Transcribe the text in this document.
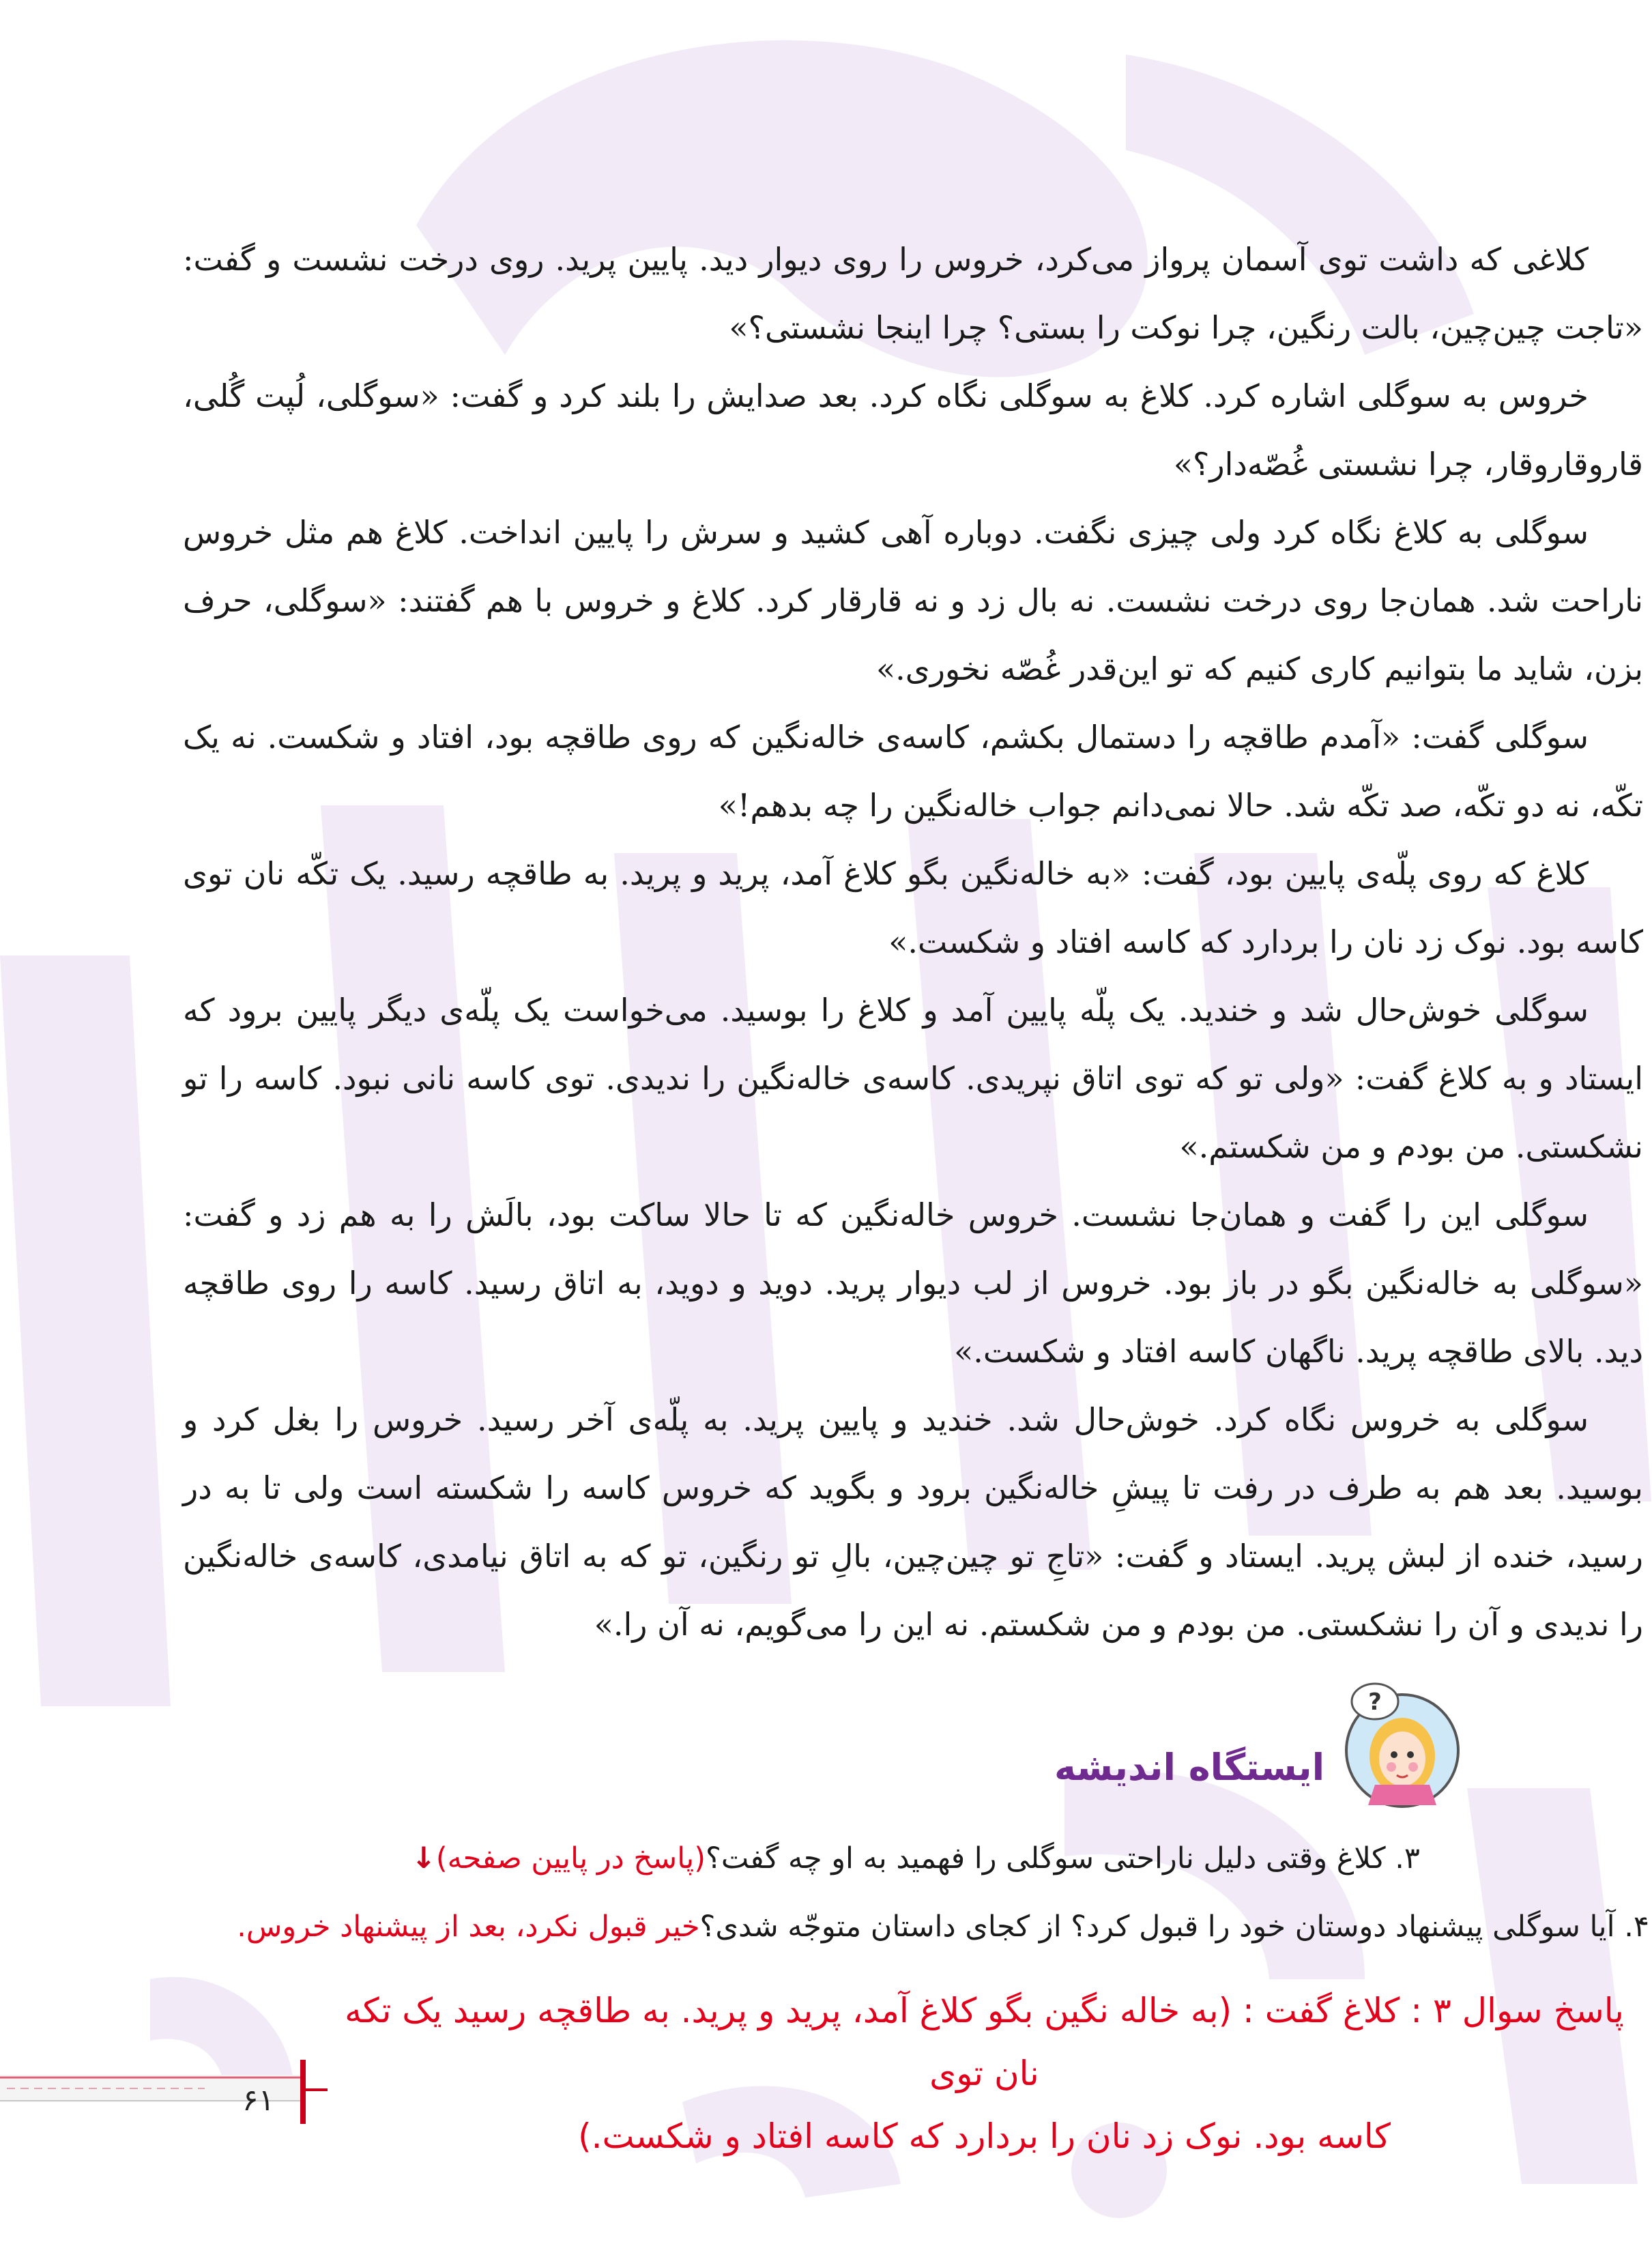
کلاغی که داشت توی آسمان پرواز می‌کرد، خروس را روی دیوار دید. پایین پرید. روی درخت نشست و گفت: «تاجت چین‌چین، بالت رنگین، چرا نوکت را بستی؟ چرا اینجا نشستی؟»

خروس به سوگلی اشاره کرد. کلاغ به سوگلی نگاه کرد. بعد صدایش را بلند کرد و گفت: «سوگلی، لُپت گُلی، قاروقاروقار، چرا نشستی غُصّه‌دار؟»

سوگلی به کلاغ نگاه کرد ولی چیزی نگفت. دوباره آهی کشید و سرش را پایین انداخت. کلاغ هم مثل خروس ناراحت شد. همان‌جا روی درخت نشست. نه بال زد و نه قارقار کرد. کلاغ و خروس با هم گفتند: «سوگلی، حرف بزن، شاید ما بتوانیم کاری کنیم که تو این‌قدر غُصّه نخوری.»

سوگلی گفت: «آمدم طاقچه را دستمال بکشم، کاسه‌ی خاله‌نگین که روی طاقچه بود، افتاد و شکست. نه یک تکّه، نه دو تکّه، صد تکّه شد. حالا نمی‌دانم جواب خاله‌نگین را چه بدهم!»

کلاغ که روی پلّه‌ی پایین بود، گفت: «به خاله‌نگین بگو کلاغ آمد، پرید و پرید. به طاقچه رسید. یک تکّه نان توی کاسه بود. نوک زد نان را بردارد که کاسه افتاد و شکست.»

سوگلی خوش‌حال شد و خندید. یک پلّه پایین آمد و کلاغ را بوسید. می‌خواست یک پلّه‌ی دیگر پایین برود که ایستاد و به کلاغ گفت: «ولی تو که توی اتاق نپریدی. کاسه‌ی خاله‌نگین را ندیدی. توی کاسه نانی نبود. کاسه را تو نشکستی. من بودم و من شکستم.»

سوگلی این را گفت و همان‌جا نشست. خروس خاله‌نگین که تا حالا ساکت بود، بالَش را به هم زد و گفت: «سوگلی به خاله‌نگین بگو در باز بود. خروس از لب دیوار پرید. دوید و دوید، به اتاق رسید. کاسه را روی طاقچه دید. بالای طاقچه پرید. ناگهان کاسه افتاد و شکست.»

سوگلی به خروس نگاه کرد. خوش‌حال شد. خندید و پایین پرید. به پلّه‌ی آخر رسید. خروس را بغل کرد و بوسید. بعد هم به طرف در رفت تا پیشِ خاله‌نگین برود و بگوید که خروس کاسه را شکسته است ولی تا به در رسید، خنده از لبش پرید. ایستاد و گفت: «تاجِ تو چین‌چین، بالِ تو رنگین، تو که به اتاق نیامدی، کاسه‌ی خاله‌نگین را ندیدی و آن را نشکستی. من بودم و من شکستم. نه این را می‌گویم، نه آن را.»

?
ایستگاه اندیشه
۳. کلاغ وقتی دلیل ناراحتی سوگلی را فهمید به او چه گفت؟(پاسخ در پایین صفحه)↓
۴. آیا سوگلی پیشنهاد دوستان خود را قبول کرد؟ از کجای داستان متوجّه شدی؟خیر قبول نکرد، بعد از پیشنهاد خروس.
پاسخ سوال ۳ : کلاغ گفت : (به خاله نگین بگو کلاغ آمد، پرید و پرید. به طاقچه رسید یک تکه نان توی
کاسه بود. نوک زد نان را بردارد که کاسه افتاد و شکست.)
۶۱
